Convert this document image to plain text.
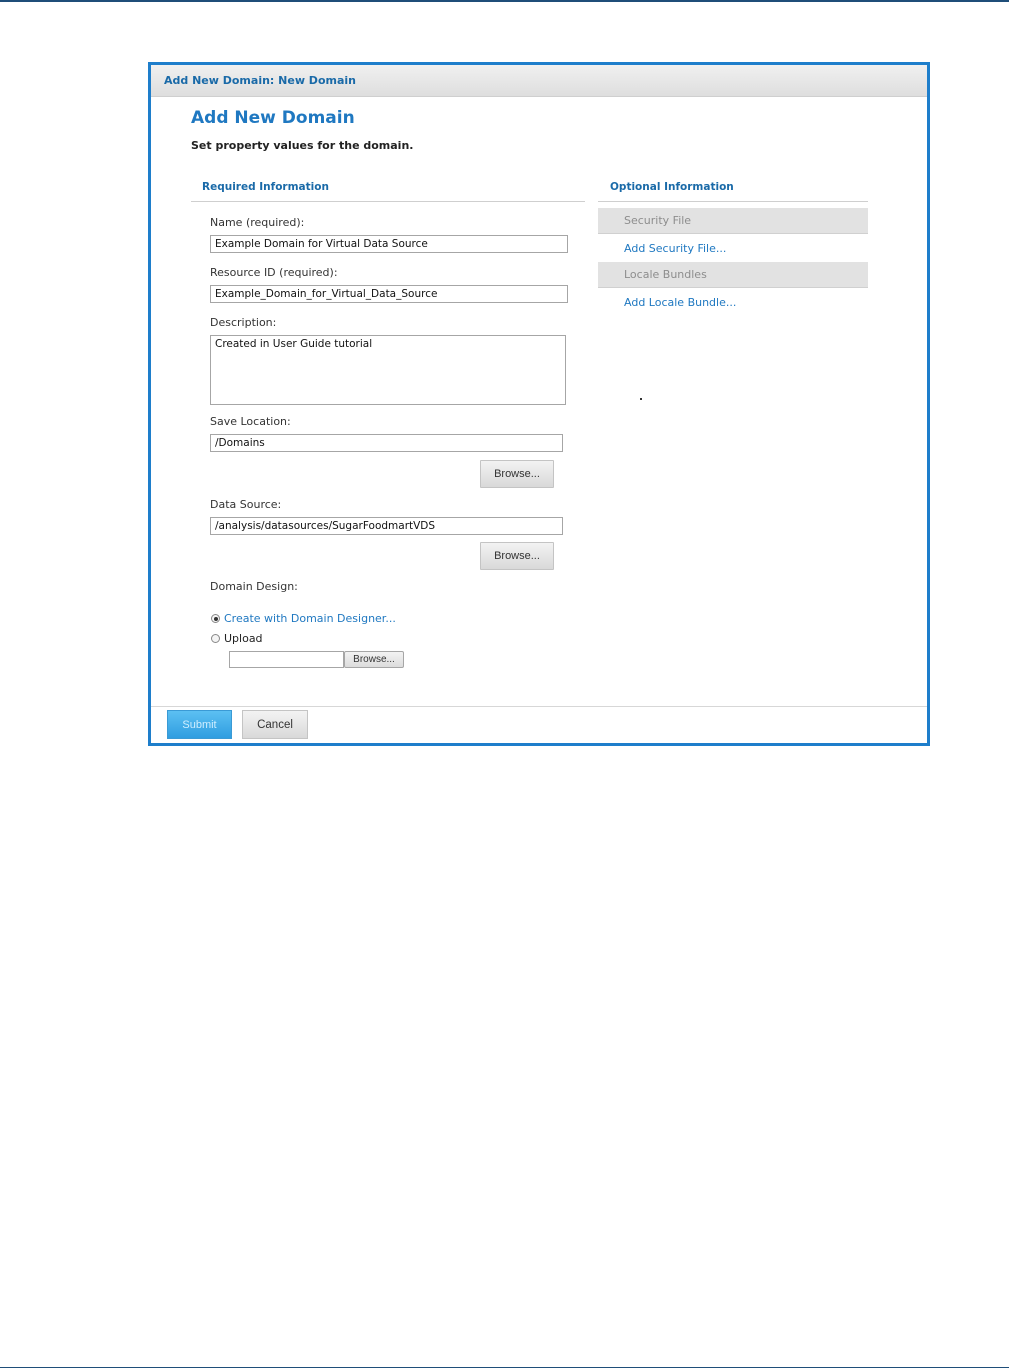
Add New Domain: New Domain
Add New Domain
Set property values for the domain.
Required Information
Name (required):
Example Domain for Virtual Data Source
Resource ID (required):
Example_Domain_for_Virtual_Data_Source
Description:
Created in User Guide tutorial
Save Location:
/Domains
Browse...
Data Source:
/analysis/datasources/SugarFoodmartVDS
Browse...
Domain Design:
Create with Domain Designer...
Upload
Browse...
Optional Information
Security File
Add Security File...
Locale Bundles
Add Locale Bundle...
Submit	Cancel
